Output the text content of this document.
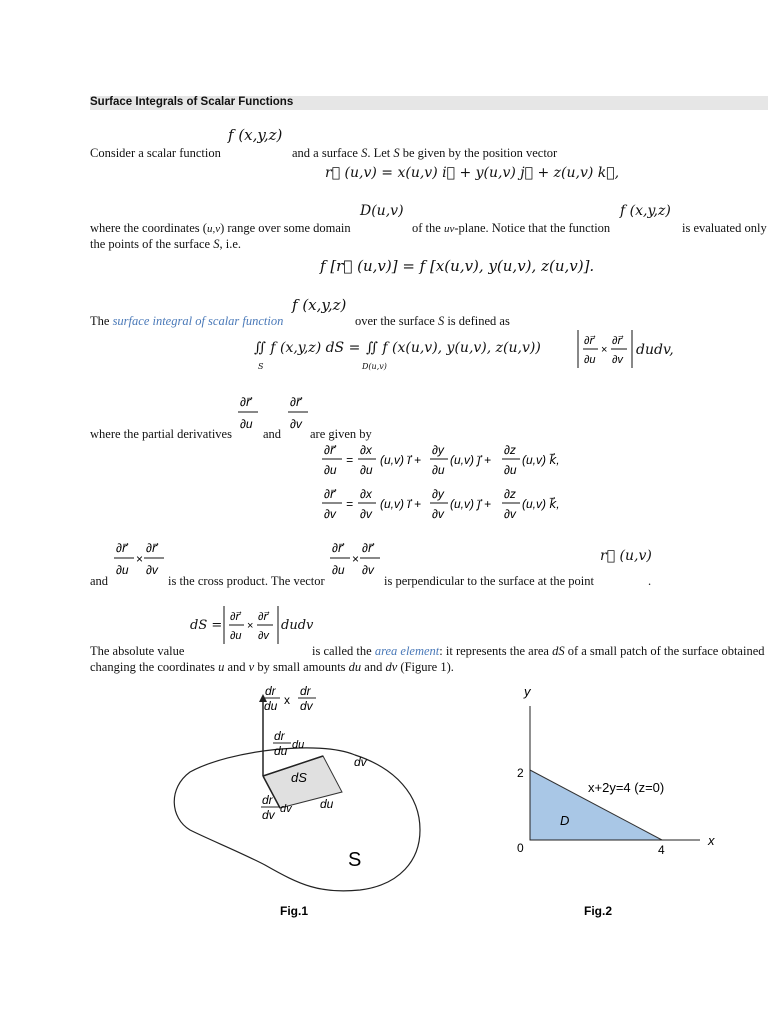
Surface Integrals of Scalar Functions
f (x,y,z)
Consider a scalar function	and a surface S. Let S be given by the position vector
r⃗ (u,v) = x(u,v) i⃗ + y(u,v) j⃗ + z(u,v) k⃗,
D(u,v)	f (x,y,z)
where the coordinates (u,v) range over some domain	of the uv-plane. Notice that the function	is evaluated only
the points of the surface S, i.e.
f [r⃗ (u,v)] = f [x(u,v), y(u,v), z(u,v)].
f (x,y,z)
The surface integral of scalar function	over the surface S is defined as
∬ f (x,y,z) dS =
S
∬ f (x(u,v), y(u,v), z(u,v))
D(u,v)
∂r⃗
∂u
×
∂r⃗
∂v
dudv,
∂r⃗
∂u
∂r⃗
∂v
where the partial derivatives and are given by
∂r⃗
∂u
=
∂x
∂u
(u,v) i⃗ +
∂y
∂u
(u,v) j⃗ +
∂z
∂u
(u,v) k⃗,
∂r⃗
∂v
=
∂x
∂v
(u,v) i⃗ +
∂y
∂v
(u,v) j⃗ +
∂z
∂v
(u,v) k⃗,
∂r⃗
∂u
×
∂r⃗
∂v
∂r⃗
∂u
×
∂r⃗
∂v
r⃗ (u,v)
and	is the cross product. The vector	is perpendicular to the surface at the point	.
dS =
∂r⃗
∂u
×
∂r⃗
∂v
dudv
The absolute value	is called the area element: it represents the area dS of a small patch of the surface obtained
changing the coordinates u and v by small amounts du and dv (Figure 1).
dr
du x
dr
dv
dr
du du
dv
dS
dr
dv dv du
S
Fig.1
x
y
2
0	4
x+2y=4 (z=0)
D
Fig.2
